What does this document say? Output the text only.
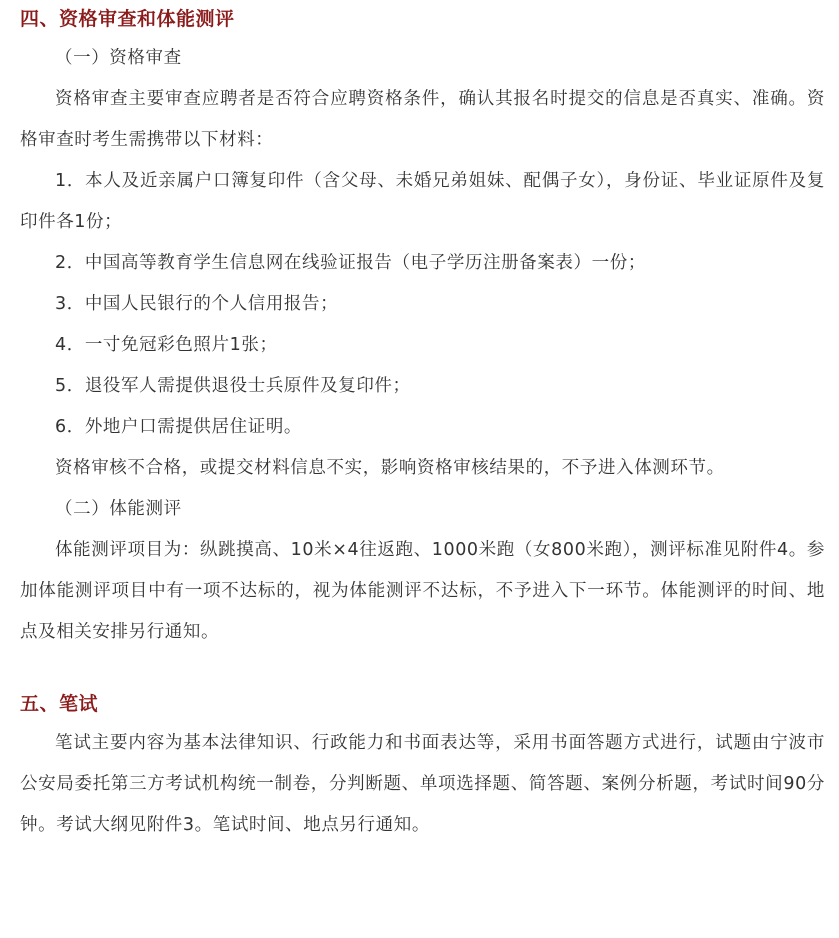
四、资格审查和体能测评

（一）资格审查

资格审查主要审查应聘者是否符合应聘资格条件，确认其报名时提交的信息是否真实、准确。资格审查时考生需携带以下材料：

1．本人及近亲属户口簿复印件（含父母、未婚兄弟姐妹、配偶子女），身份证、毕业证原件及复印件各1份；

2．中国高等教育学生信息网在线验证报告（电子学历注册备案表）一份；

3．中国人民银行的个人信用报告；

4．一寸免冠彩色照片1张；

5．退役军人需提供退役士兵原件及复印件；

6．外地户口需提供居住证明。

资格审核不合格，或提交材料信息不实，影响资格审核结果的，不予进入体测环节。

（二）体能测评

体能测评项目为：纵跳摸高、10米×4往返跑、1000米跑（女800米跑），测评标准见附件4。参加体能测评项目中有一项不达标的，视为体能测评不达标，不予进入下一环节。体能测评的时间、地点及相关安排另行通知。

五、笔试

笔试主要内容为基本法律知识、行政能力和书面表达等，采用书面答题方式进行，试题由宁波市公安局委托第三方考试机构统一制卷，分判断题、单项选择题、简答题、案例分析题，考试时间90分钟。考试大纲见附件3。笔试时间、地点另行通知。
